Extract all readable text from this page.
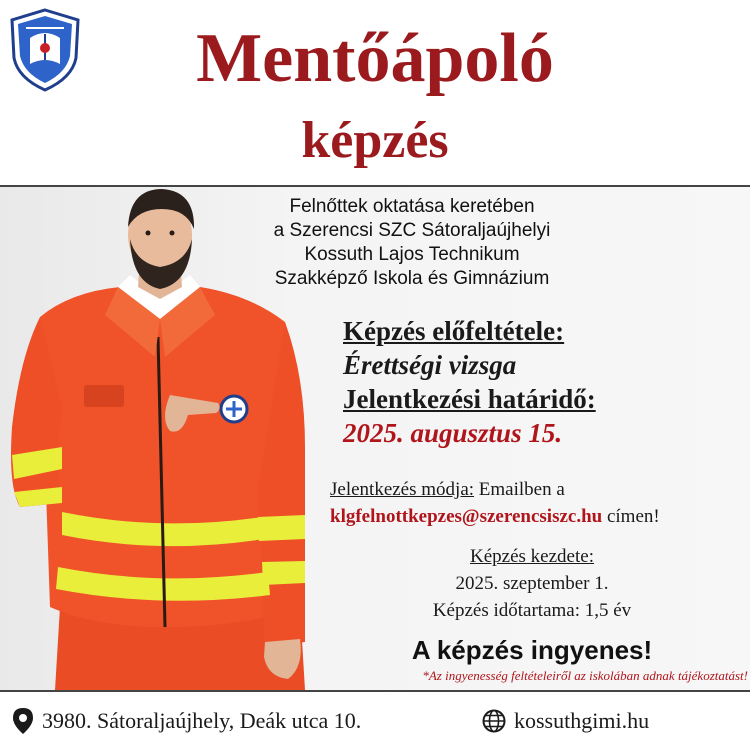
Mentőápoló
képzés
Felnőttek oktatása keretében
a Szerencsi SZC Sátoraljaújhelyi
Kossuth Lajos Technikum
Szakképző Iskola és Gimnázium
Képzés előfeltétele:
Érettségi vizsga
Jelentkezési határidő:
2025. augusztus 15.
Jelentkezés módja: Emailben a
klgfelnottkepzes@szerencsiszc.hu címen!
Képzés kezdete:
2025. szeptember 1.
Képzés időtartama: 1,5 év
A képzés ingyenes!
*Az ingyenesség feltételeiről az iskolában adnak tájékoztatást!
3980. Sátoraljaújhely, Deák utca 10.	kossuthgimi.hu
